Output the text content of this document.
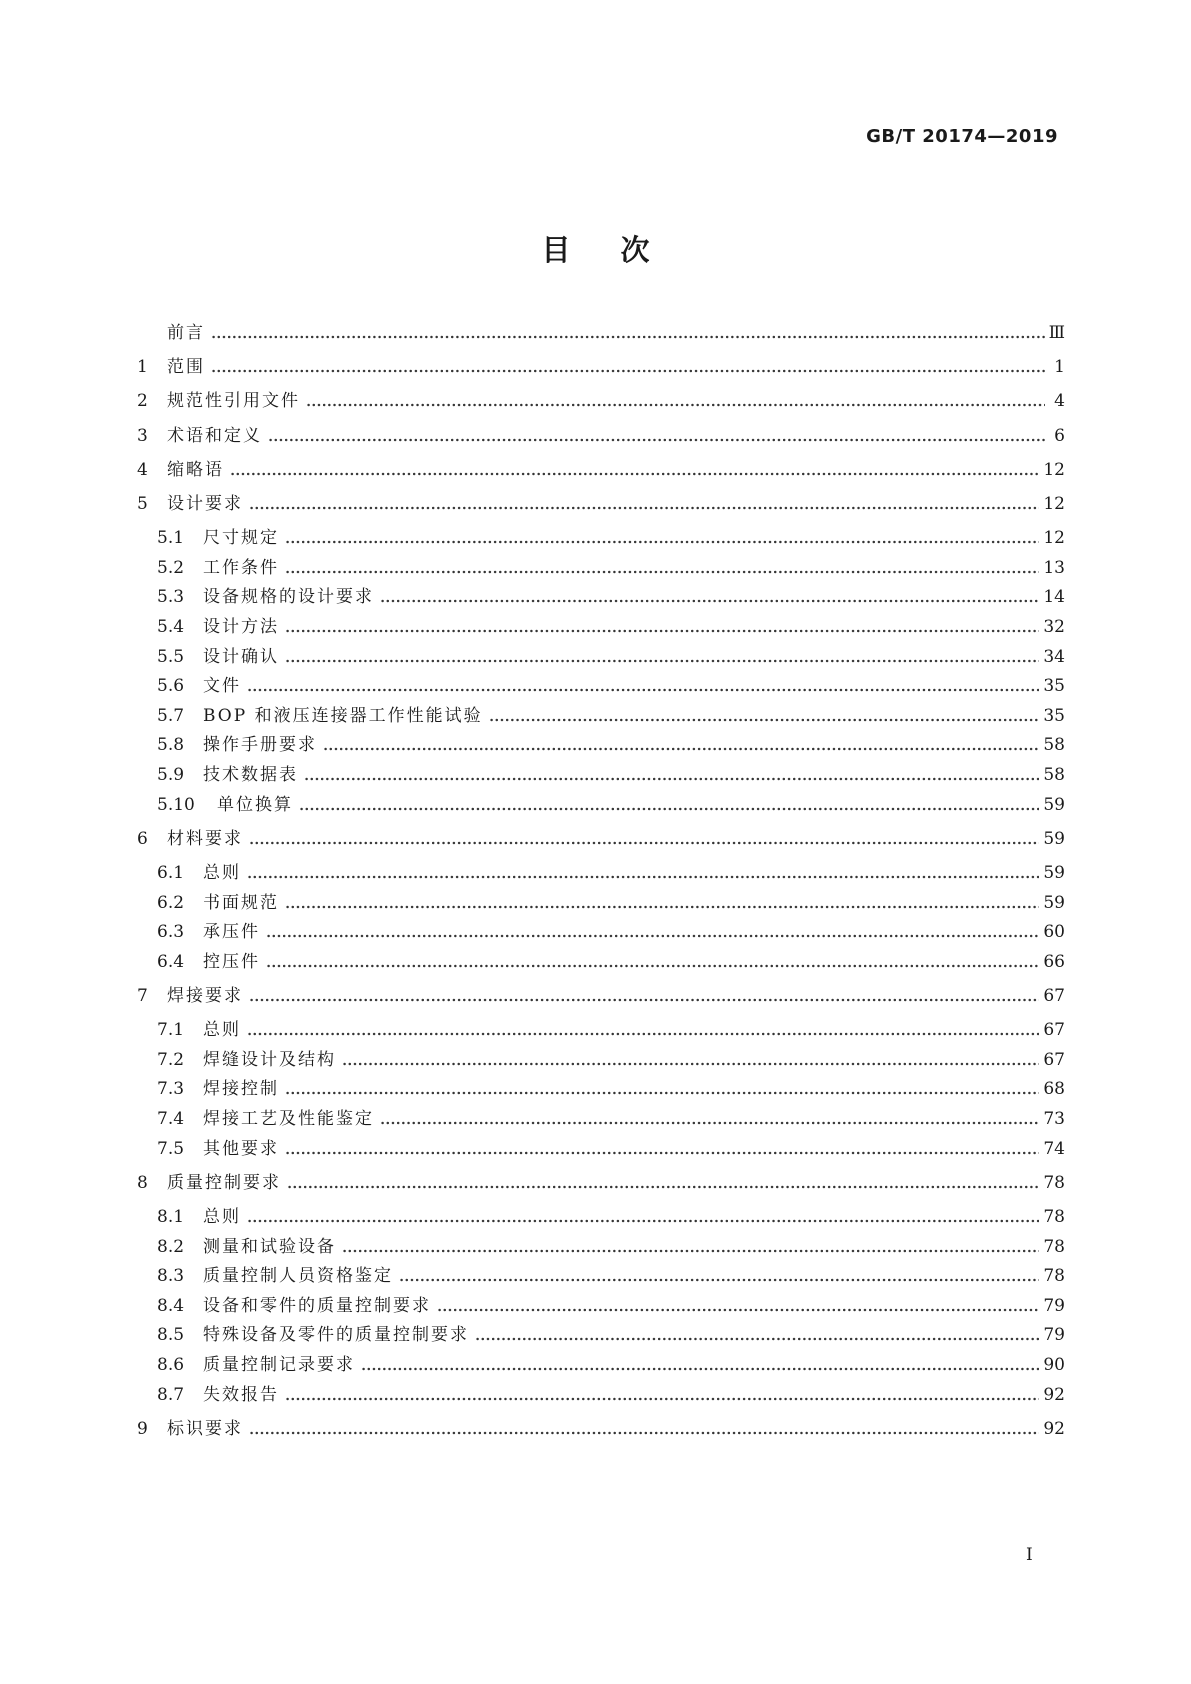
GB/T 20174—2019
目次
前言	Ⅲ
1	范围	1
2	规范性引用文件	4
3	术语和定义	6
4	缩略语	12
5	设计要求	12
5.1	尺寸规定	12
5.2	工作条件	13
5.3	设备规格的设计要求	14
5.4	设计方法	32
5.5	设计确认	34
5.6	文件	35
5.7	BOP 和液压连接器工作性能试验	35
5.8	操作手册要求	58
5.9	技术数据表	58
5.10	单位换算	59
6	材料要求	59
6.1	总则	59
6.2	书面规范	59
6.3	承压件	60
6.4	控压件	66
7	焊接要求	67
7.1	总则	67
7.2	焊缝设计及结构	67
7.3	焊接控制	68
7.4	焊接工艺及性能鉴定	73
7.5	其他要求	74
8	质量控制要求	78
8.1	总则	78
8.2	测量和试验设备	78
8.3	质量控制人员资格鉴定	78
8.4	设备和零件的质量控制要求	79
8.5	特殊设备及零件的质量控制要求	79
8.6	质量控制记录要求	90
8.7	失效报告	92
9	标识要求	92
I
